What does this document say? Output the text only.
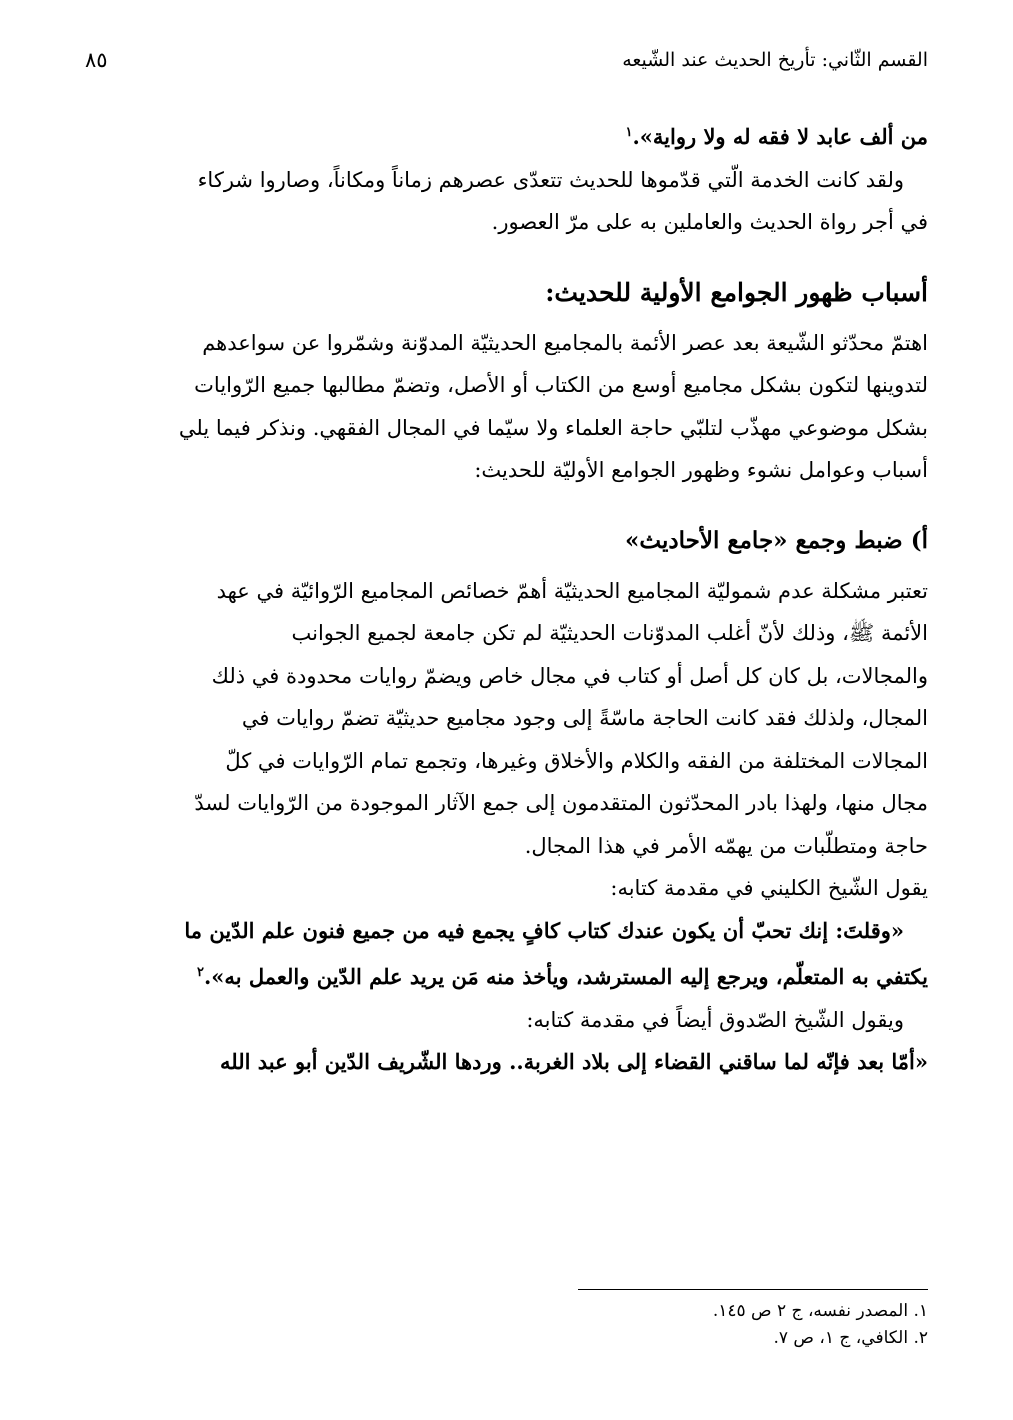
القسم الثّاني: تأريخ الحديث عند الشّيعه
٨٥
من ألف عابد لا فقه له ولا رواية».$^١$
ولقد كانت الخدمة الّتي قدّموها للحديث تتعدّى عصرهم زماناً ومكاناً، وصاروا شركاء
في أجر رواة الحديث والعاملين به على مرّ العصور.
أسباب ظهور الجوامع الأولية للحديث:
اهتمّ محدّثو الشّيعة بعد عصر الأئمة بالمجاميع الحديثيّة المدوّنة وشمّروا عن سواعدهم
لتدوينها لتكون بشكل مجاميع أوسع من الكتاب أو الأصل، وتضمّ مطالبها جميع الرّوايات
بشكل موضوعي مهذّب لتلبّي حاجة العلماء ولا سيّما في المجال الفقهي. ونذكر فيما يلي
أسباب وعوامل نشوء وظهور الجوامع الأوليّة للحديث:
أ) ضبط وجمع «جامع الأحاديث»
تعتبر مشكلة عدم شموليّة المجاميع الحديثيّة أهمّ خصائص المجاميع الرّوائيّة في عهد
الأئمة ﷺ، وذلك لأنّ أغلب المدوّنات الحديثيّة لم تكن جامعة لجميع الجوانب
والمجالات، بل كان كل أصل أو كتاب في مجال خاص ويضمّ روايات محدودة في ذلك
المجال، ولذلك فقد كانت الحاجة ماسّةً إلى وجود مجاميع حديثيّة تضمّ روايات في
المجالات المختلفة من الفقه والكلام والأخلاق وغيرها، وتجمع تمام الرّوايات في كلّ
مجال منها، ولهذا بادر المحدّثون المتقدمون إلى جمع الآثار الموجودة من الرّوايات لسدّ
حاجة ومتطلّبات من يهمّه الأمر في هذا المجال.
يقول الشّيخ الكليني في مقدمة كتابه:
«وقلتَ: إنك تحبّ أن يكون عندك كتاب كافٍ يجمع فيه من جميع فنون علم الدّين ما
يكتفي به المتعلّم، ويرجع إليه المسترشد، ويأخذ منه مَن يريد علم الدّين والعمل به».$^٢$
ويقول الشّيخ الصّدوق أيضاً في مقدمة كتابه:
«أمّا بعد فإنّه لما ساقني القضاء إلى بلاد الغربة.. وردها الشّريف الدّين أبو عبد الله
١. المصدر نفسه، ج ٢ ص ١٤٥.
٢. الكافي، ج ١، ص ٧.
